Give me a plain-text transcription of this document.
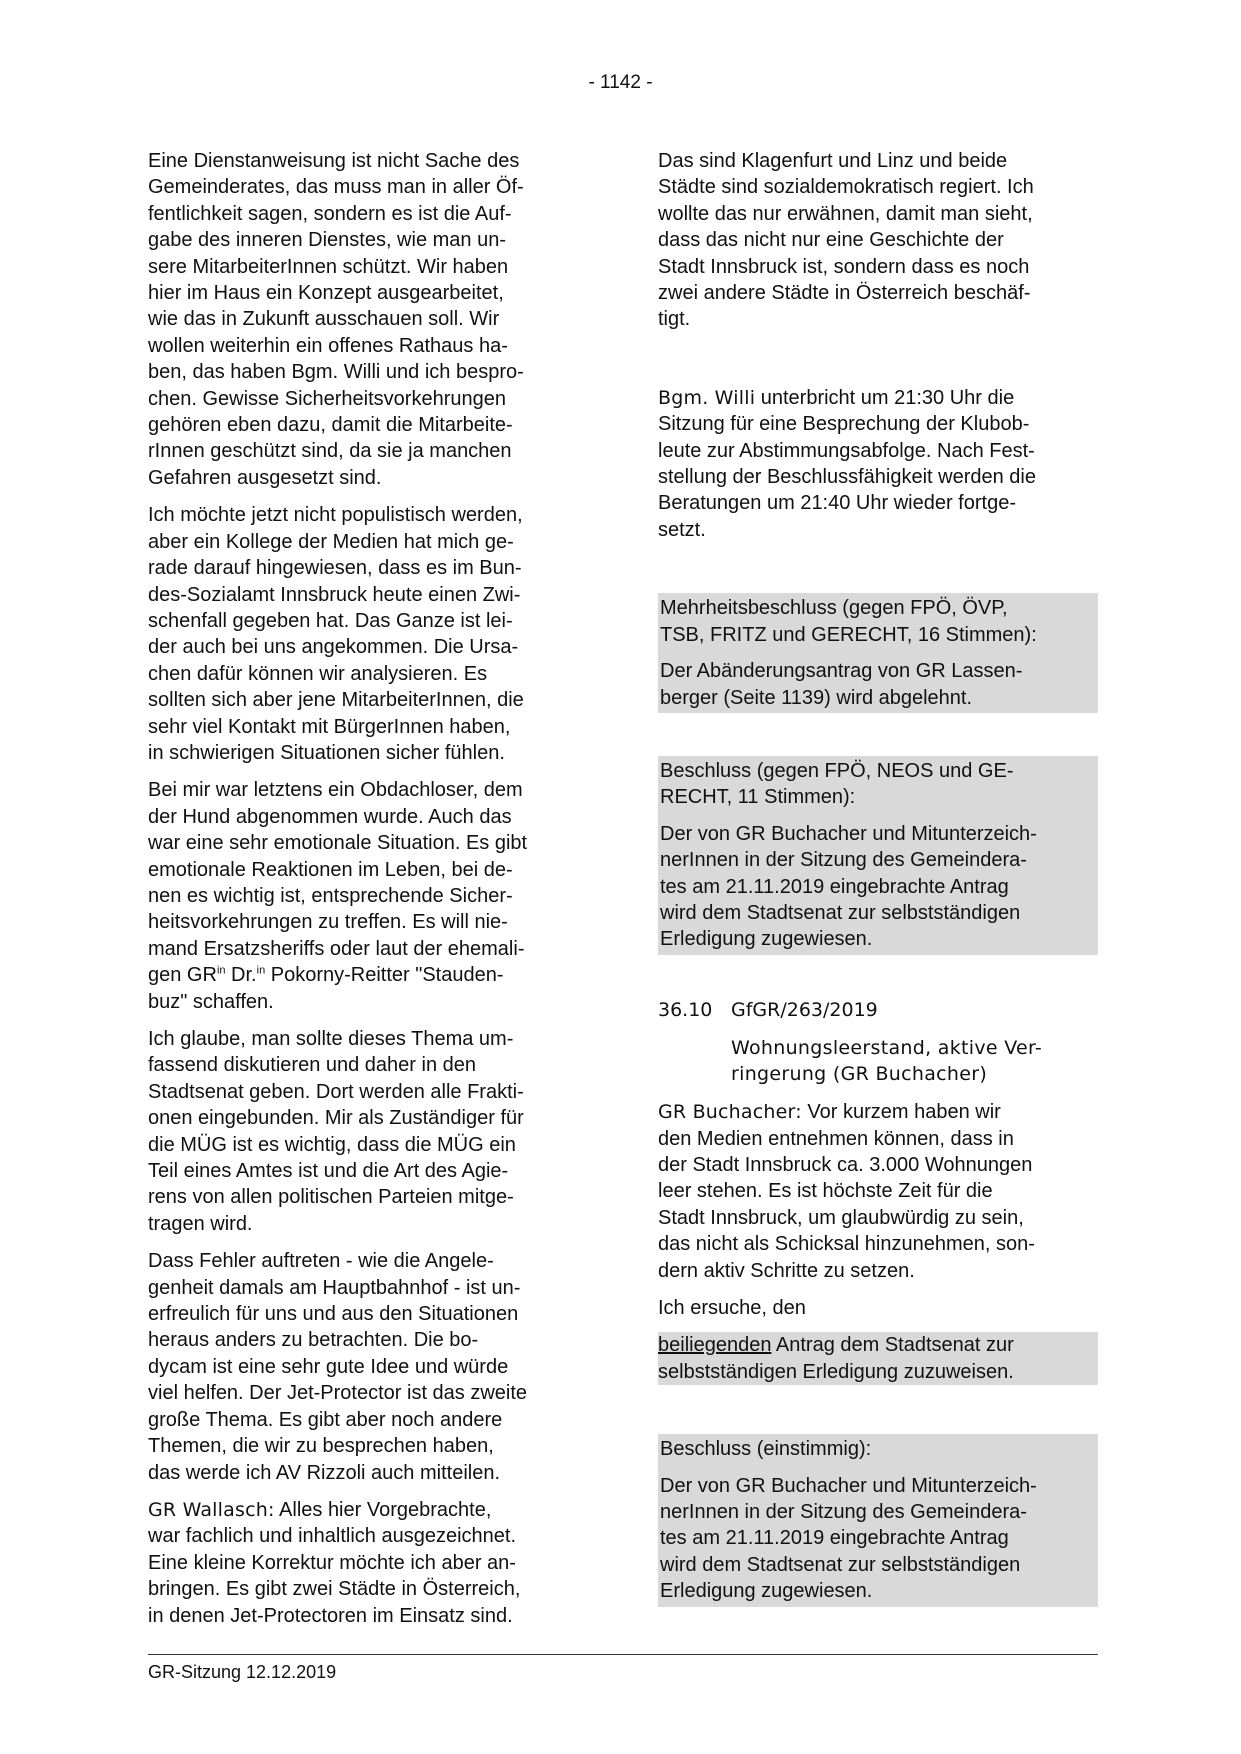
- 1142 -

Eine Dienstanweisung ist nicht Sache des
Gemeinderates, das muss man in aller Öf-
fentlichkeit sagen, sondern es ist die Auf-
gabe des inneren Dienstes, wie man un-
sere MitarbeiterInnen schützt. Wir haben
hier im Haus ein Konzept ausgearbeitet,
wie das in Zukunft ausschauen soll. Wir
wollen weiterhin ein offenes Rathaus ha-
ben, das haben Bgm. Willi und ich bespro-
chen. Gewisse Sicherheitsvorkehrungen
gehören eben dazu, damit die Mitarbeite-
rInnen geschützt sind, da sie ja manchen
Gefahren ausgesetzt sind.

Ich möchte jetzt nicht populistisch werden,
aber ein Kollege der Medien hat mich ge-
rade darauf hingewiesen, dass es im Bun-
des-Sozialamt Innsbruck heute einen Zwi-
schenfall gegeben hat. Das Ganze ist lei-
der auch bei uns angekommen. Die Ursa-
chen dafür können wir analysieren. Es
sollten sich aber jene MitarbeiterInnen, die
sehr viel Kontakt mit BürgerInnen haben,
in schwierigen Situationen sicher fühlen.

Bei mir war letztens ein Obdachloser, dem
der Hund abgenommen wurde. Auch das
war eine sehr emotionale Situation. Es gibt
emotionale Reaktionen im Leben, bei de-
nen es wichtig ist, entsprechende Sicher-
heitsvorkehrungen zu treffen. Es will nie-
mand Ersatzsheriffs oder laut der ehemali-
gen $GR^{in}$ Dr.$^{in}$ Pokorny-Reitter "Stauden-
buz" schaffen.

Ich glaube, man sollte dieses Thema um-
fassend diskutieren und daher in den
Stadtsenat geben. Dort werden alle Frakti-
onen eingebunden. Mir als Zuständiger für
die MÜG ist es wichtig, dass die MÜG ein
Teil eines Amtes ist und die Art des Agie-
rens von allen politischen Parteien mitge-
tragen wird.

Dass Fehler auftreten - wie die Angele-
genheit damals am Hauptbahnhof - ist un-
erfreulich für uns und aus den Situationen
heraus anders zu betrachten. Die bo-
dycam ist eine sehr gute Idee und würde
viel helfen. Der Jet-Protector ist das zweite
große Thema. Es gibt aber noch andere
Themen, die wir zu besprechen haben,
das werde ich AV Rizzoli auch mitteilen.

GR Wallasch: Alles hier Vorgebrachte,
war fachlich und inhaltlich ausgezeichnet.
Eine kleine Korrektur möchte ich aber an-
bringen. Es gibt zwei Städte in Österreich,
in denen Jet-Protectoren im Einsatz sind.

Das sind Klagenfurt und Linz und beide
Städte sind sozialdemokratisch regiert. Ich
wollte das nur erwähnen, damit man sieht,
dass das nicht nur eine Geschichte der
Stadt Innsbruck ist, sondern dass es noch
zwei andere Städte in Österreich beschäf-
tigt.

Bgm. Willi unterbricht um 21:30 Uhr die
Sitzung für eine Besprechung der Klubob-
leute zur Abstimmungsabfolge. Nach Fest-
stellung der Beschlussfähigkeit werden die
Beratungen um 21:40 Uhr wieder fortge-
setzt.

Mehrheitsbeschluss (gegen FPÖ, ÖVP,
TSB, FRITZ und GERECHT, 16 Stimmen):

Der Abänderungsantrag von GR Lassen-
berger (Seite 1139) wird abgelehnt.

Beschluss (gegen FPÖ, NEOS und GE-
RECHT, 11 Stimmen):

Der von GR Buchacher und Mitunterzeich-
nerInnen in der Sitzung des Gemeindera-
tes am 21.11.2019 eingebrachte Antrag
wird dem Stadtsenat zur selbstständigen
Erledigung zugewiesen.

36.10 GfGR/263/2019
Wohnungsleerstand, aktive Ver-
ringerung (GR Buchacher)

GR Buchacher: Vor kurzem haben wir
den Medien entnehmen können, dass in
der Stadt Innsbruck ca. 3.000 Wohnungen
leer stehen. Es ist höchste Zeit für die
Stadt Innsbruck, um glaubwürdig zu sein,
das nicht als Schicksal hinzunehmen, son-
dern aktiv Schritte zu setzen.

Ich ersuche, den

beiliegenden Antrag dem Stadtsenat zur
selbstständigen Erledigung zuzuweisen.

Beschluss (einstimmig):

Der von GR Buchacher und Mitunterzeich-
nerInnen in der Sitzung des Gemeindera-
tes am 21.11.2019 eingebrachte Antrag
wird dem Stadtsenat zur selbstständigen
Erledigung zugewiesen.

GR-Sitzung 12.12.2019
